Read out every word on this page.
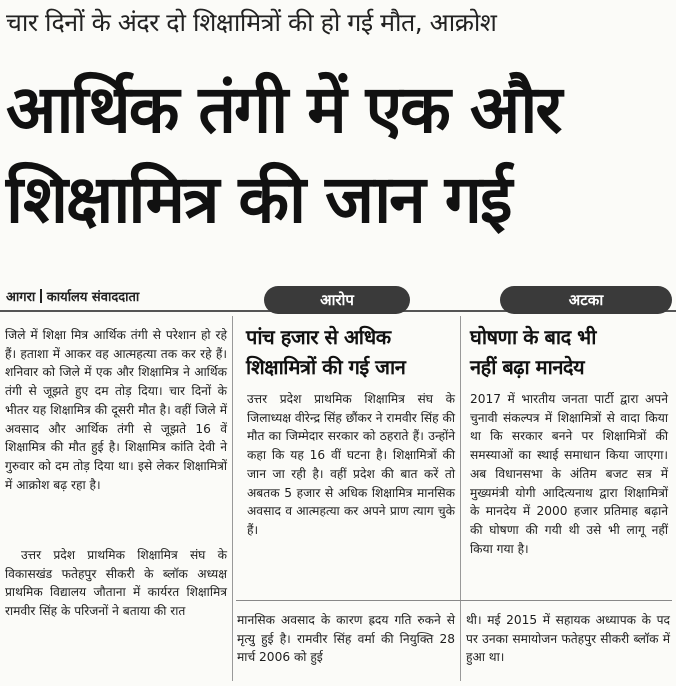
चार दिनों के अंदर दो शिक्षामित्रों की हो गई मौत, आक्रोश
आर्थिक तंगी में एक और
शिक्षामित्र की जान गई
आगरा कार्यालय संवाददाता	आरोप	अटका

जिले में शिक्षा मित्र आर्थिक तंगी से परेशान हो रहे हैं। हताशा में आकर वह आत्महत्या तक कर रहे हैं। शनिवार को जिले में एक और शिक्षामित्र ने आर्थिक तंगी से जूझते हुए दम तोड़ दिया। चार दिनों के भीतर यह शिक्षामित्र की दूसरी मौत है। वहीं जिले में अवसाद और आर्थिक तंगी से जूझते 16 वें शिक्षामित्र की मौत हुई है। शिक्षामित्र कांति देवी ने गुरुवार को दम तोड़ दिया था। इसे लेकर शिक्षामित्रों में आक्रोश बढ़ रहा है।

उत्तर प्रदेश प्राथमिक शिक्षामित्र संघ के विकासखंड फतेहपुर सीकरी के ब्लॉक अध्यक्ष प्राथमिक विद्यालय जौताना में कार्यरत शिक्षामित्र रामवीर सिंह के परिजनों ने बताया की रात

पांच हजार से अधिक
शिक्षामित्रों की गई जान

उत्तर प्रदेश प्राथमिक शिक्षामित्र संघ के जिलाध्यक्ष वीरेन्द्र सिंह छौंकर ने रामवीर सिंह की मौत का जिम्मेदार सरकार को ठहराते हैं। उन्होंने कहा कि यह 16 वीं घटना है। शिक्षामित्रों की जान जा रही है। वहीं प्रदेश की बात करें तो अबतक 5 हजार से अधिक शिक्षामित्र मानसिक अवसाद व आत्महत्या कर अपने प्राण त्याग चुके हैं।

घोषणा के बाद भी
नहीं बढ़ा मानदेय

2017 में भारतीय जनता पार्टी द्वारा अपने चुनावी संकल्पत्र में शिक्षामित्रों से वादा किया था कि सरकार बनने पर शिक्षामित्रों की समस्याओं का स्थाई समाधान किया जाएगा। अब विधानसभा के अंतिम बजट सत्र में मुख्यमंत्री योगी आदित्यनाथ द्वारा शिक्षामित्रों के मानदेय में 2000 हजार प्रतिमाह बढ़ाने की घोषणा की गयी थी उसे भी लागू नहीं किया गया है।

मानसिक अवसाद के कारण ह्रदय गति रुकने से मृत्यु हुई है। रामवीर सिंह वर्मा की नियुक्ति 28 मार्च 2006 को हुई

थी। मई 2015 में सहायक अध्यापक के पद पर उनका समायोजन फतेहपुर सीकरी ब्लॉक में हुआ था।
